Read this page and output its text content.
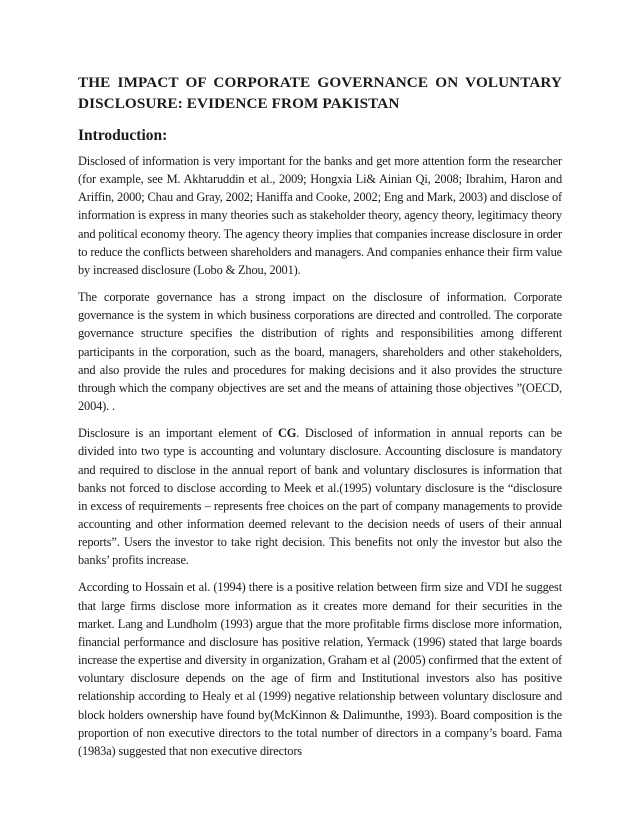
THE IMPACT OF CORPORATE GOVERNANCE ON VOLUNTARY DISCLOSURE: EVIDENCE FROM PAKISTAN
Introduction:

Disclosed of information is very important for the banks and get more attention form the researcher (for example, see M. Akhtaruddin et al., 2009; Hongxia Li& Ainian Qi, 2008; Ibrahim, Haron and Ariffin, 2000; Chau and Gray, 2002; Haniffa and Cooke, 2002; Eng and Mark, 2003) and disclose of information is express in many theories such as stakeholder theory, agency theory, legitimacy theory and political economy theory. The agency theory implies that companies increase disclosure in order to reduce the conflicts between shareholders and managers. And companies enhance their firm value by increased disclosure (Lobo & Zhou, 2001).

The corporate governance has a strong impact on the disclosure of information. Corporate governance is the system in which business corporations are directed and controlled. The corporate governance structure specifies the distribution of rights and responsibilities among different participants in the corporation, such as the board, managers, shareholders and other stakeholders, and also provide the rules and procedures for making decisions and it also provides the structure through which the company objectives are set and the means of attaining those objectives ”(OECD, 2004). .

Disclosure is an important element of CG. Disclosed of information in annual reports can be divided into two type is accounting and voluntary disclosure. Accounting disclosure is mandatory and required to disclose in the annual report of bank and voluntary disclosures is information that banks not forced to disclose according to Meek et al.(1995) voluntary disclosure is the “disclosure in excess of requirements – represents free choices on the part of company managements to provide accounting and other information deemed relevant to the decision needs of users of their annual reports”. Users the investor to take right decision. This benefits not only the investor but also the banks’ profits increase.

According to Hossain et al. (1994) there is a positive relation between firm size and VDI he suggest that large firms disclose more information as it creates more demand for their securities in the market. Lang and Lundholm (1993) argue that the more profitable firms disclose more information, financial performance and disclosure has positive relation, Yermack (1996) stated that large boards increase the expertise and diversity in organization, Graham et al (2005) confirmed that the extent of voluntary disclosure depends on the age of firm and Institutional investors also has positive relationship according to Healy et al (1999) negative relationship between voluntary disclosure and block holders ownership have found by(McKinnon & Dalimunthe, 1993). Board composition is the proportion of non executive directors to the total number of directors in a company’s board. Fama (1983a) suggested that non executive directors
